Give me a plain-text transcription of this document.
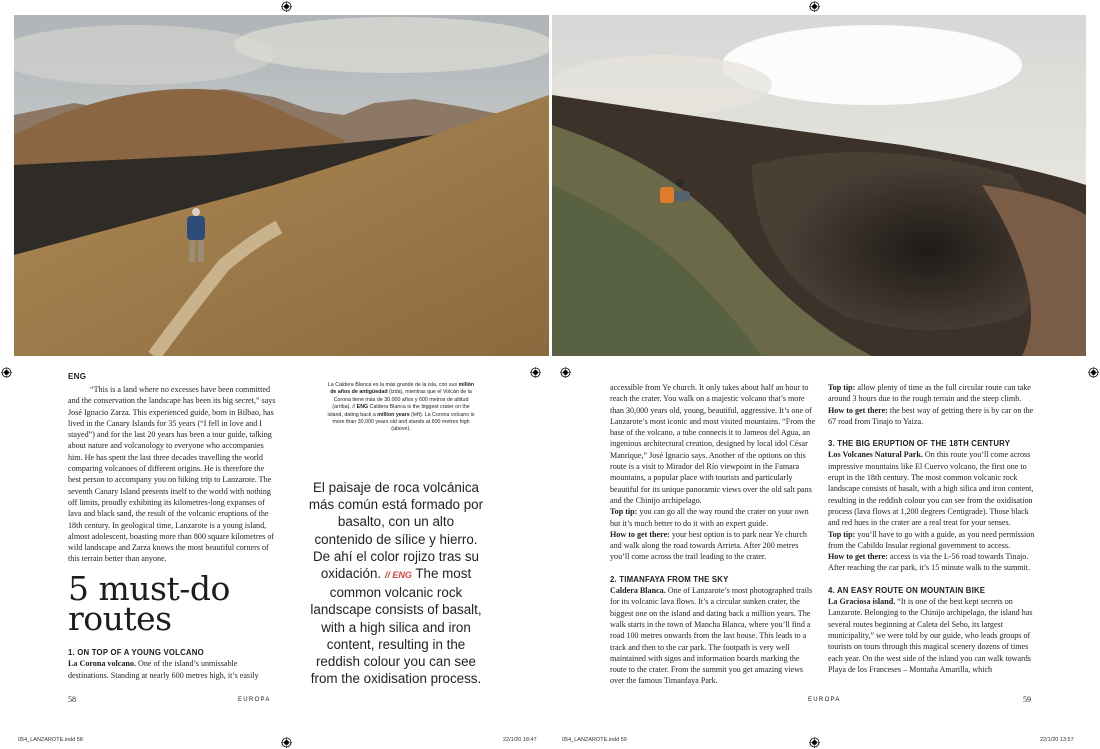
ENG

“This is a land where no excesses have been committed and the conservation the landscape has been its big secret,” says José Ignacio Zarza. This experienced guide, born in Bilbao, has lived in the Canary Islands for 35 years (“I fell in love and I stayed”) and for the last 20 years has been a tour guide, talking about nature and volcanology to everyone who accompanies him. He has spent the last three decades travelling the world comparing volcanoes of different origins. He is therefore the best person to accompany you on hiking trip to Lanzarote. The seventh Canary Island presents itself to the world with nothing off limits, proudly exhibiting its kilometres-long expanses of lava and black sand, the result of the volcanic eruptions of the 18th century. In geological time, Lanzarote is a young island, almost adolescent, boasting more than 800 square kilometres of wild landscape and Zarza knows the most beautiful corners of this terrain better than anyone.

La Caldera Blanca es la más grande de la isla, con sus millón de años de antigüedad (izda), mientras que el Volcán de la Corona tiene más de 30.000 años y 600 metros de altitud (arriba). // ENG Caldera Blanca is the biggest crater on the island, dating back a million years (left). La Corona volcano is more than 30,000 years old and stands at 600 metres high (above).
El paisaje de roca volcánica más común está formado por basalto, con un alto contenido de sílice y hierro. De ahí el color rojizo tras su oxidación. // ENG The most common volcanic rock landscape consists of basalt, with a high silica and iron content, resulting in the reddish colour you can see from the oxidisation process.
5 must-do
routes
1. ON TOP OF A YOUNG VOLCANO

La Corona volcano. One of the island’s unmissable destinations. Standing at nearly 600 metres high, it’s easily

58	EUROPA

accessible from Ye church. It only takes about half an hour to reach the crater. You walk on a majestic volcano that’s more than 30,000 years old, young, beautiful, aggressive. It’s one of Lanzarote’s most iconic and most visited mountains. “From the base of the volcano, a tube connects it to Jameos del Agua, an ingenious architectural creation, designed by local idol César Manrique,” José Ignacio says. Another of the options on this route is a visit to Mirador del Río viewpoint in the Famara mountains, a popular place with tourists and particularly beautiful for its unique panoramic views over the old salt pans and the Chinijo archipelago.

Top tip: you can go all the way round the crater on your own but it’s much better to do it with an expert guide.

How to get there: your best option is to park near Ye church and walk along the road towards Arrieta. After 200 metres you’ll come across the trail leading to the crater.

2. TIMANFAYA FROM THE SKY

Caldera Blanca. One of Lanzarote’s most photographed trails for its volcanic lava flows. It’s a circular sunken crater, the biggest one on the island and dating back a million years. The walk starts in the town of Mancha Blanca, where you’ll find a road 100 metres onwards from the last house. This leads to a track and then to the car park. The footpath is very well maintained with signs and information boards marking the route to the crater. From the summit you get amazing views over the famous Timanfaya Park.

Top tip: allow plenty of time as the full circular route can take around 3 hours due to the rough terrain and the steep climb.

How to get there: the best way of getting there is by car on the 67 road from Tinajo to Yaiza.

3. THE BIG ERUPTION OF THE 18TH CENTURY

Los Volcanes Natural Park. On this route you’ll come across impressive mountains like El Cuervo volcano, the first one to erupt in the 18th century. The most common volcanic rock landscape consists of basalt, with a high silica and iron content, resulting in the reddish colour you can see from the oxidisation process (lava flows at 1,200 degrees Centigrade). Those black and red hues in the crater are a real treat for your senses.

Top tip: you’ll have to go with a guide, as you need permission from the Cabildo Insular regional government to access.

How to get there: access is via the L-56 road towards Tinajo. After reaching the car park, it’s 15 minute walk to the summit.

4. AN EASY ROUTE ON MOUNTAIN BIKE

La Graciosa island. “It is one of the best kept secrets on Lanzarote. Belonging to the Chinijo archipelago, the island has several routes beginning at Caleta del Sebo, its largest municipality,” we were told by our guide, who leads groups of tourists on tours through this magical scenery dozens of times each year. On the west side of the island you can walk towards Playa de los Franceses – Montaña Amarilla, which

EUROPA	59
054_LANZAROTE.indd 58	22/1/20 18:47	054_LANZAROTE.indd 59	22/1/20 13:57
